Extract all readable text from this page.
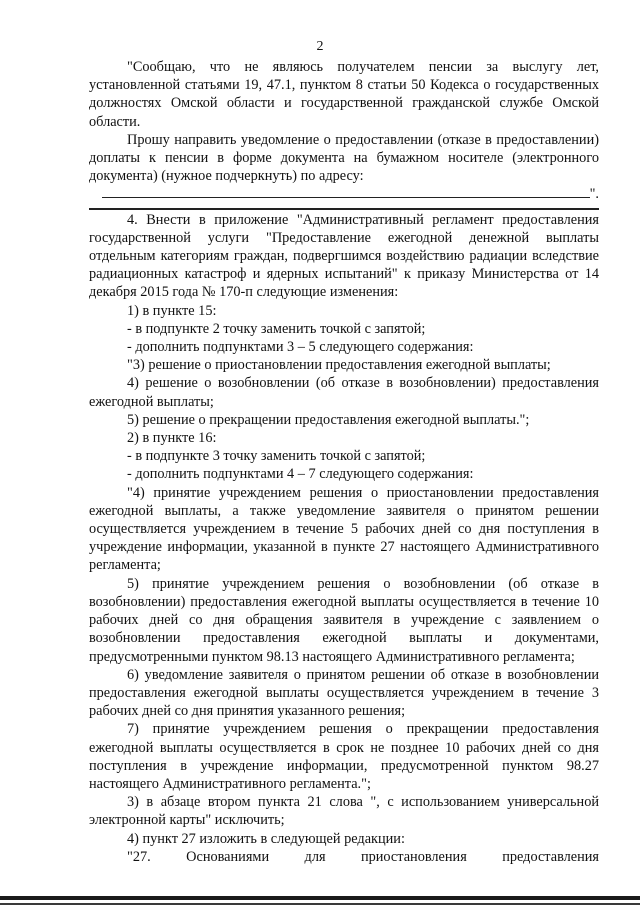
2

"Сообщаю, что не являюсь получателем пенсии за выслугу лет, установленной статьями 19, 47.1, пунктом 8 статьи 50 Кодекса о государственных должностях Омской области и государственной гражданской службе Омской области.

Прошу направить уведомление о предоставлении (отказе в предоставлении) доплаты к пенсии в форме документа на бумажном носителе (электронного документа) (нужное подчеркнуть) по адресу:

".

4. Внести в приложение "Административный регламент предоставления государственной услуги "Предоставление ежегодной денежной выплаты отдельным категориям граждан, подвергшимся воздействию радиации вследствие радиационных катастроф и ядерных испытаний" к приказу Министерства от 14 декабря 2015 года № 170-п следующие изменения:

1) в пункте 15:

- в подпункте 2 точку заменить точкой с запятой;

- дополнить подпунктами 3 – 5 следующего содержания:

"3) решение о приостановлении предоставления ежегодной выплаты;

4) решение о возобновлении (об отказе в возобновлении) предоставления ежегодной выплаты;

5) решение о прекращении предоставления ежегодной выплаты.";

2) в пункте 16:

- в подпункте 3 точку заменить точкой с запятой;

- дополнить подпунктами 4 – 7 следующего содержания:

"4) принятие учреждением решения о приостановлении предоставления ежегодной выплаты, а также уведомление заявителя о принятом решении осуществляется учреждением в течение 5 рабочих дней со дня поступления в учреждение информации, указанной в пункте 27 настоящего Административного регламента;

5) принятие учреждением решения о возобновлении (об отказе в возобновлении) предоставления ежегодной выплаты осуществляется в течение 10 рабочих дней со дня обращения заявителя в учреждение с заявлением о возобновлении предоставления ежегодной выплаты и документами, предусмотренными пунктом 98.13 настоящего Административного регламента;

6) уведомление заявителя о принятом решении об отказе в возобновлении предоставления ежегодной выплаты осуществляется учреждением в течение 3 рабочих дней со дня принятия указанного решения;

7) принятие учреждением решения о прекращении предоставления ежегодной выплаты осуществляется в срок не позднее 10 рабочих дней со дня поступления в учреждение информации, предусмотренной пунктом 98.27 настоящего Административного регламента.";

3) в абзаце втором пункта 21 слова ", с использованием универсальной электронной карты" исключить;

4) пункт 27 изложить в следующей редакции:

"27. Основаниями для приостановления предоставления
